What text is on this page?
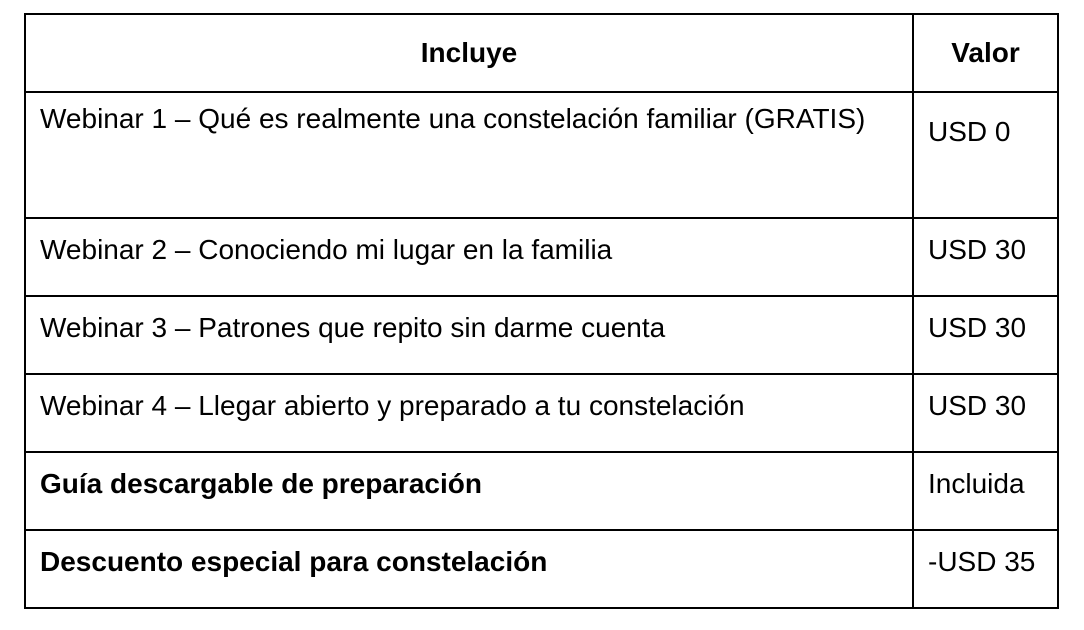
Incluye	Valor
Webinar 1 – Qué es realmente una constelación familiar (GRATIS)	USD 0
Webinar 2 – Conociendo mi lugar en la familia	USD 30
Webinar 3 – Patrones que repito sin darme cuenta	USD 30
Webinar 4 – Llegar abierto y preparado a tu constelación	USD 30
Guía descargable de preparación	Incluida
Descuento especial para constelación	-USD 35
